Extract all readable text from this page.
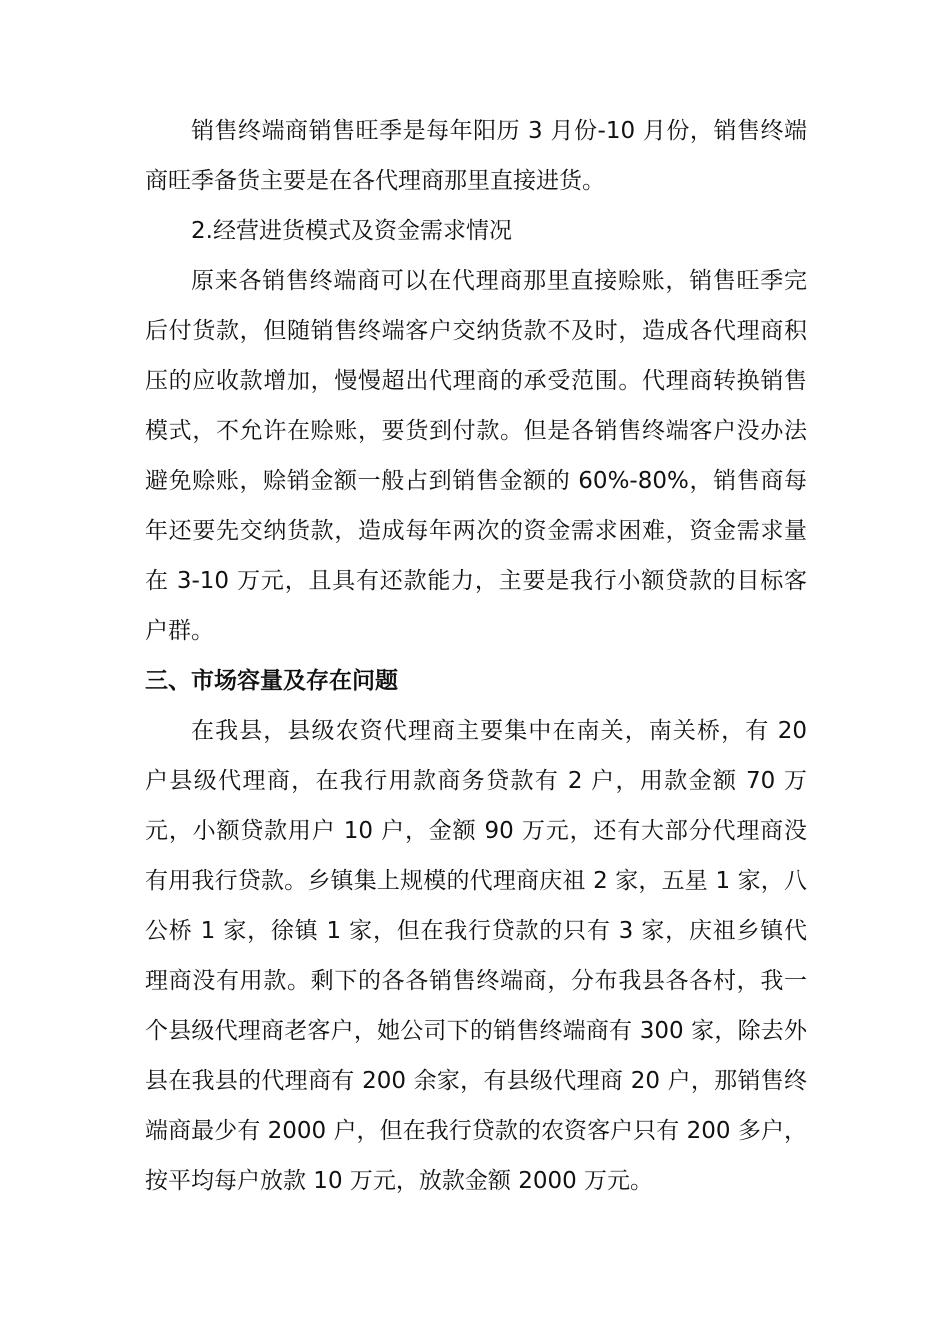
销售终端商销售旺季是每年阳历 3 月份-10 月份，销售终端商旺季备货主要是在各代理商那里直接进货。

2.经营进货模式及资金需求情况

原来各销售终端商可以在代理商那里直接赊账，销售旺季完后付货款，但随销售终端客户交纳货款不及时，造成各代理商积压的应收款增加，慢慢超出代理商的承受范围。代理商转换销售模式，不允许在赊账，要货到付款。但是各销售终端客户没办法避免赊账，赊销金额一般占到销售金额的 60%-80%，销售商每年还要先交纳货款，造成每年两次的资金需求困难，资金需求量在 3-10 万元，且具有还款能力，主要是我行小额贷款的目标客户群。

三、市场容量及存在问题

在我县，县级农资代理商主要集中在南关，南关桥，有 20 户县级代理商，在我行用款商务贷款有 2 户，用款金额 70 万元，小额贷款用户 10 户，金额 90 万元，还有大部分代理商没有用我行贷款。乡镇集上规模的代理商庆祖 2 家，五星 1 家，八公桥 1 家，徐镇 1 家，但在我行贷款的只有 3 家，庆祖乡镇代理商没有用款。剩下的各各销售终端商，分布我县各各村，我一个县级代理商老客户，她公司下的销售终端商有 300 家，除去外县在我县的代理商有 200 余家，有县级代理商 20 户，那销售终端商最少有 2000 户，但在我行贷款的农资客户只有 200 多户，按平均每户放款 10 万元，放款金额 2000 万元。
